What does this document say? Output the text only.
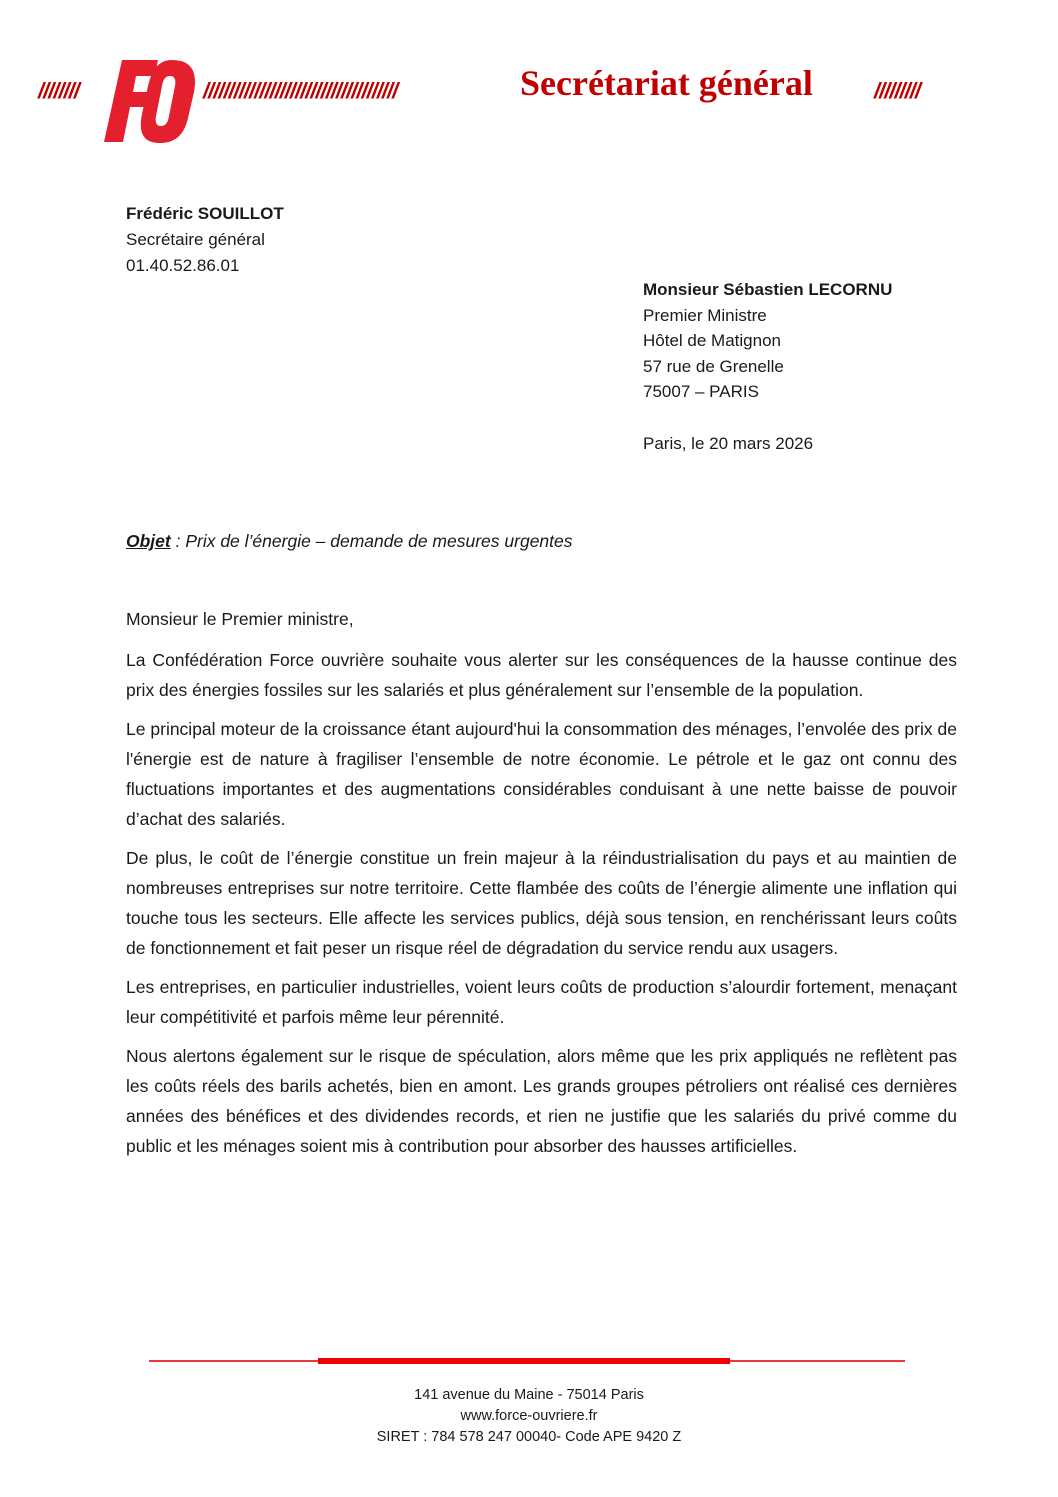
////////	//////////////////////////////////////	Secrétariat général	/////////
Frédéric SOUILLOT
Secrétaire général
01.40.52.86.01
Monsieur Sébastien LECORNU
Premier Ministre
Hôtel de Matignon
57 rue de Grenelle
75007 – PARIS
Paris, le 20 mars 2026
Objet : Prix de l’énergie – demande de mesures urgentes
Monsieur le Premier ministre,

La Confédération Force ouvrière souhaite vous alerter sur les conséquences de la hausse continue des prix des énergies fossiles sur les salariés et plus généralement sur l’ensemble de la population.

Le principal moteur de la croissance étant aujourd'hui la consommation des ménages, l’envolée des prix de l'énergie est de nature à fragiliser l’ensemble de notre économie. Le pétrole et le gaz ont connu des fluctuations importantes et des augmentations considérables conduisant à une nette baisse de pouvoir d’achat des salariés.

De plus, le coût de l’énergie constitue un frein majeur à la réindustrialisation du pays et au maintien de nombreuses entreprises sur notre territoire. Cette flambée des coûts de l’énergie alimente une inflation qui touche tous les secteurs. Elle affecte les services publics, déjà sous tension, en renchérissant leurs coûts de fonctionnement et fait peser un risque réel de dégradation du service rendu aux usagers.

Les entreprises, en particulier industrielles, voient leurs coûts de production s’alourdir fortement, menaçant leur compétitivité et parfois même leur pérennité.

Nous alertons également sur le risque de spéculation, alors même que les prix appliqués ne reflètent pas les coûts réels des barils achetés, bien en amont. Les grands groupes pétroliers ont réalisé ces dernières années des bénéfices et des dividendes records, et rien ne justifie que les salariés du privé comme du public et les ménages soient mis à contribution pour absorber des hausses artificielles.

141 avenue du Maine - 75014 Paris
www.force-ouvriere.fr
SIRET : 784 578 247 00040- Code APE 9420 Z
